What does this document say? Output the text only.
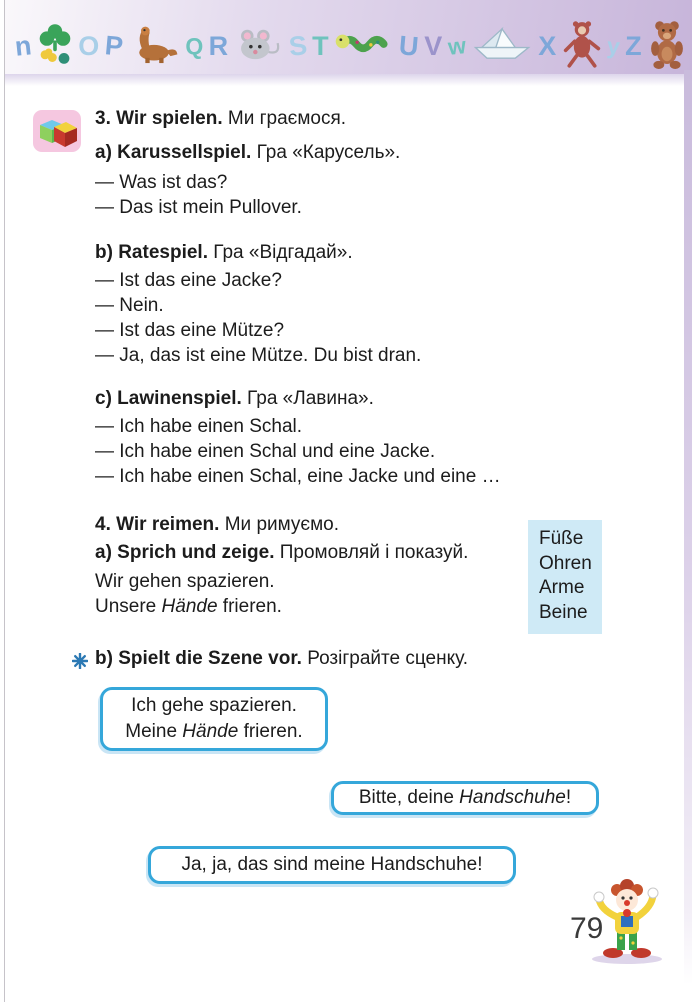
n O P	Q R S T	U V w	X y Z
3. Wir spielen. Ми граємося.
a) Karussellspiel. Гра «Карусель».
— Was ist das?
— Das ist mein Pullover.
b) Ratespiel. Гра «Відгадай».
— Ist das eine Jacke?
— Nein.
— Ist das eine Mütze?
— Ja, das ist eine Mütze. Du bist dran.
c) Lawinenspiel. Гра «Лавина».
— Ich habe einen Schal.
— Ich habe einen Schal und eine Jacke.
— Ich habe einen Schal, eine Jacke und eine …
4. Wir reimen. Ми римуємо.
a) Sprich und zeige. Промовляй і показуй.
Wir gehen spazieren.
Unsere Hände frieren.
b) Spielt die Szene vor. Розіграйте сценку.
Füße
Ohren
Arme
Beine
Ich gehe spazieren.
Meine Hände frieren.
Bitte, deine Handschuhe!
Ja, ja, das sind meine Handschuhe!
79
